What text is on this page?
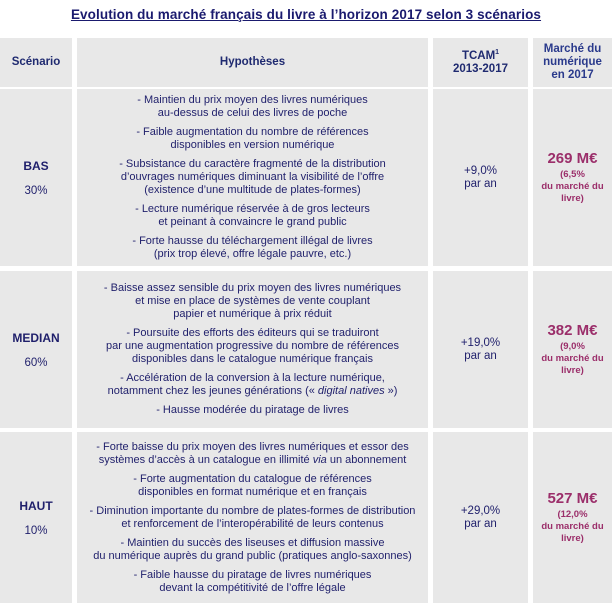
Evolution du marché français du livre à l’horizon 2017 selon 3 scénarios
Scénario	Hypothèses
TCAM$^1$
2013-2017
Marché du
numérique
en 2017
BAS
30%
- Maintien du prix moyen des livres numériques
au-dessus de celui des livres de poche
- Faible augmentation du nombre de références
disponibles en version numérique
- Subsistance du caractère fragmenté de la distribution
d’ouvrages numériques diminuant la visibilité de l’offre
(existence d’une multitude de plates-formes)
- Lecture numérique réservée à de gros lecteurs
et peinant à convaincre le grand public
- Forte hausse du téléchargement illégal de livres
(prix trop élevé, offre légale pauvre, etc.)
+9,0%
par an
269 M€
(6,5%
du marché du
livre)
MEDIAN
60%
- Baisse assez sensible du prix moyen des livres numériques
et mise en place de systèmes de vente couplant
papier et numérique à prix réduit
- Poursuite des efforts des éditeurs qui se traduiront
par une augmentation progressive du nombre de références
disponibles dans le catalogue numérique français
- Accélération de la conversion à la lecture numérique,
notamment chez les jeunes générations (« digital natives »)
- Hausse modérée du piratage de livres
+19,0%
par an
382 M€
(9,0%
du marché du
livre)
HAUT
10%
- Forte baisse du prix moyen des livres numériques et essor des
systèmes d’accès à un catalogue en illimité via un abonnement
- Forte augmentation du catalogue de références
disponibles en format numérique et en français
- Diminution importante du nombre de plates-formes de distribution
et renforcement de l’interopérabilité de leurs contenus
- Maintien du succès des liseuses et diffusion massive
du numérique auprès du grand public (pratiques anglo-saxonnes)
- Faible hausse du piratage de livres numériques
devant la compétitivité de l’offre légale
+29,0%
par an
527 M€
(12,0%
du marché du
livre)
